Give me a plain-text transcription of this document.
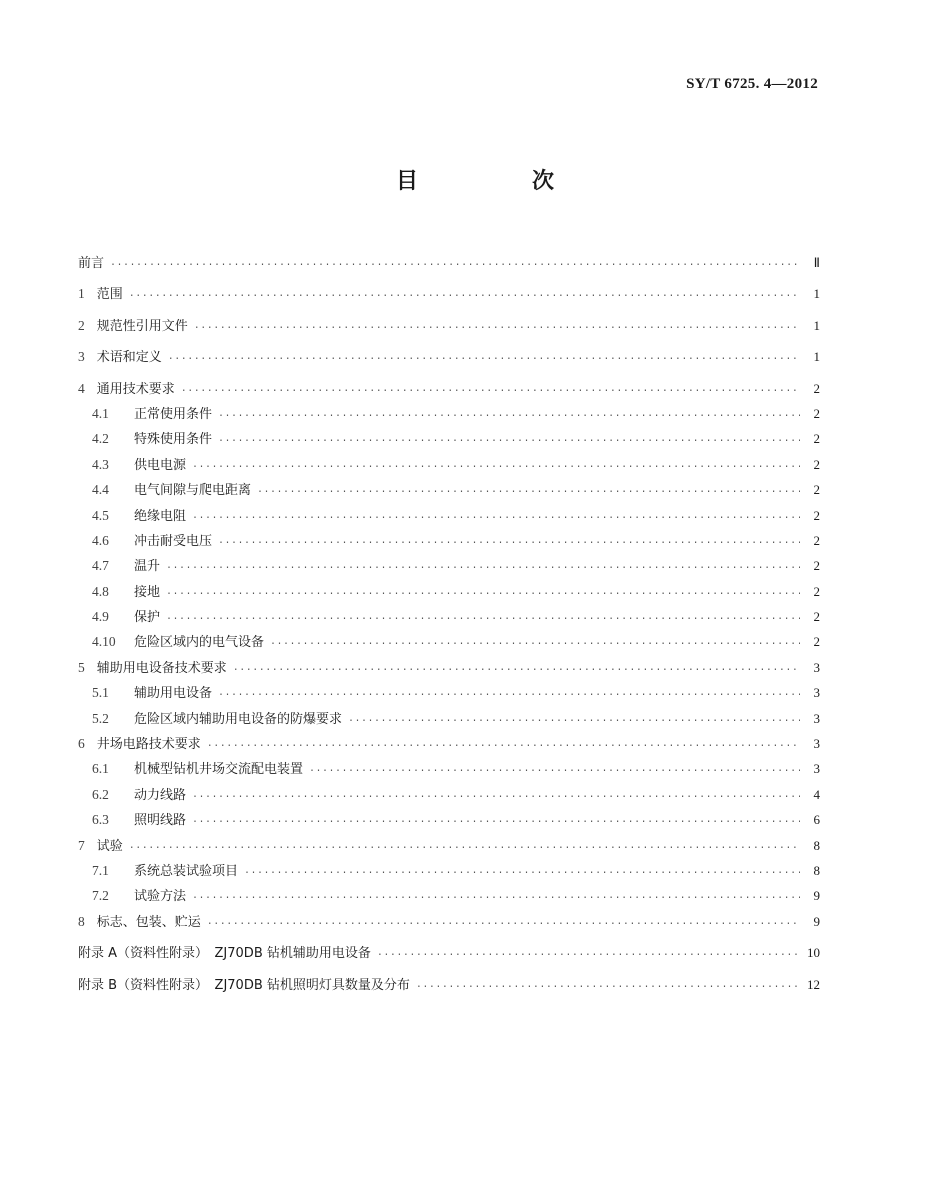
SY/T 6725. 4—2012
目　次
前言 ·····	Ⅱ
1 范围 ·····	1
2 规范性引用文件 ·····	1
3 术语和定义 ·····	1
4 通用技术要求 ·····	2
4.1	正常使用条件 ·····	2
4.2	特殊使用条件 ·····	2
4.3	供电电源 ·····	2
4.4	电气间隙与爬电距离 ·····	2
4.5	绝缘电阻 ·····	2
4.6	冲击耐受电压 ·····	2
4.7	温升 ·····	2
4.8	接地 ·····	2
4.9	保护 ·····	2
4.10	危险区域内的电气设备 ·····	2
5 辅助用电设备技术要求 ·····	3
5.1	辅助用电设备 ·····	3
5.2	危险区域内辅助用电设备的防爆要求 ·····	3
6 井场电路技术要求 ·····	3
6.1	机械型钻机井场交流配电装置 ·····	3
6.2	动力线路 ·····	4
6.3	照明线路 ·····	6
7 试验 ·····	8
7.1	系统总装试验项目 ·····	8
7.2	试验方法 ·····	9
8 标志、包装、贮运 ·····	9
附录 A（资料性附录）　ZJ70DB 钻机辅助用电设备 ·····	10
附录 B（资料性附录）　ZJ70DB 钻机照明灯具数量及分布 ·····	12
